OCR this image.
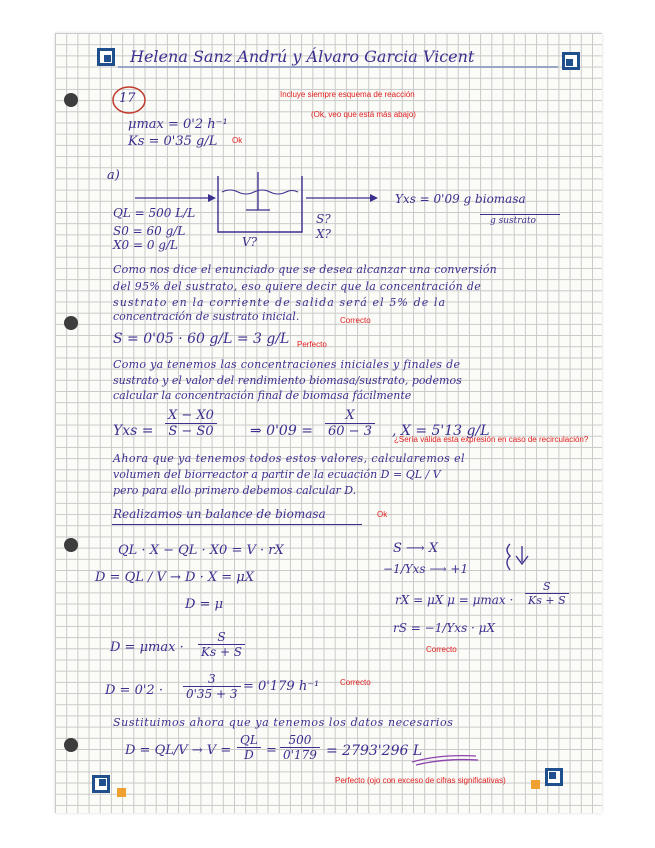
Helena Sanz Andrú y Álvaro Garcia Vicent
17	Incluye siempre esquema de reacción
(Ok, veo que está más abajo)
μmax = 0'2 h⁻¹
Ks = 0'35 g/L Ok
a)
QL = 500 L/L
S0 = 60 g/L
X0 = 0 g/L	V?
S?
X?
Yxs = 0'09 g biomasa
g sustrato
Como nos dice el enunciado que se desea alcanzar una conversión
del 95% del sustrato, eso quiere decir que la concentración de
sustrato en la corriente de salida será el 5% de la
concentración de sustrato inicial.	Correcto
S = 0'05 · 60 g/L = 3 g/L Perfecto
Como ya tenemos las concentraciones iniciales y finales de
sustrato y el valor del rendimiento biomasa/sustrato, podemos
calcular la concentración final de biomasa fácilmente
Yxs = $\frac{X - X0}{S - S0}$ ⇒ $0'09 = \frac{X}{60 - 3}$ , X = 5'13 g/L
¿Sería válida esta expresión en caso de recirculación?
Ahora que ya tenemos todos estos valores, calcularemos el
volumen del biorreactor a partir de la ecuación D = QL / V
pero para ello primero debemos calcular D.
Realizamos un balance de biomasa	Ok
QL · X − QL · X0 = V · rX
D = QL / V → D · X = μX
D = μ
S ⟶ X
−1/Yxs ⟶ +1
rX = μX $\mu = \mu\max \cdot \frac{S}{Ks + S}$
rS = −1/Yxs · μX
Correcto
$D = \mu\max \cdot \frac{S}{Ks + S}$
$D = 0'2 \cdot \frac{3}{0'35 + 3} = 0'179$ h⁻¹	Correcto
Sustituimos ahora que ya tenemos los datos necesarios
$D = QL/V \to V = \frac{QL}{D} = \frac{500}{0'179} = 2793'296$ L
Perfecto (ojo con exceso de cifras significativas)
